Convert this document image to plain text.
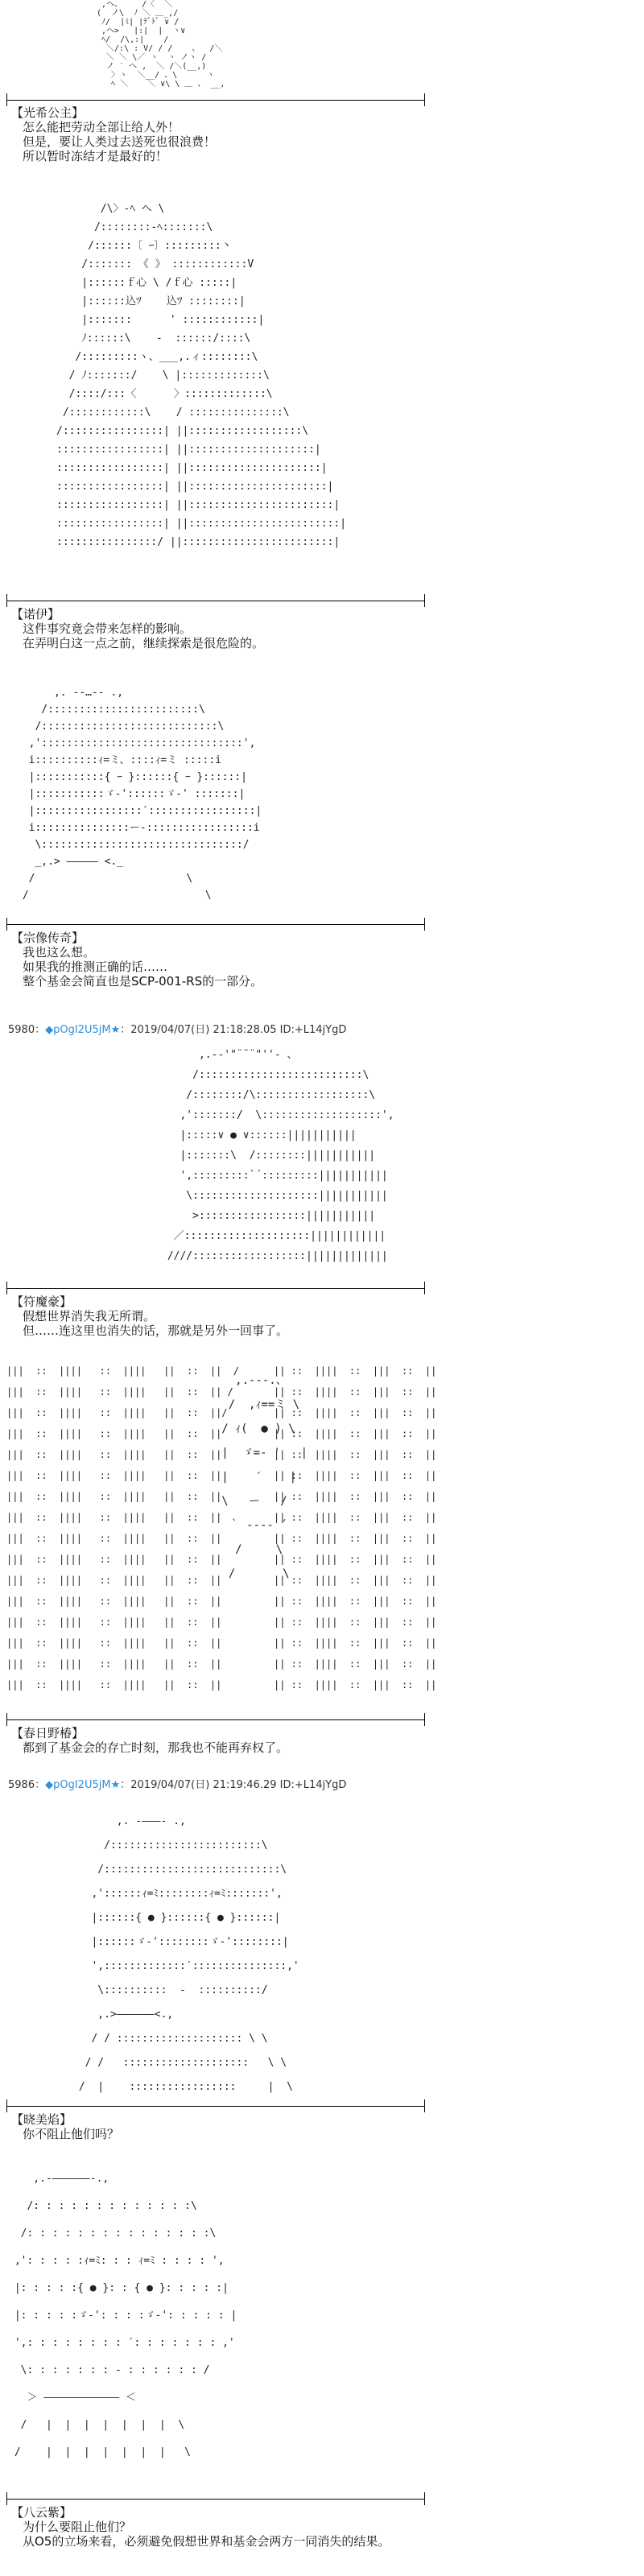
,ヘ、    /〈  ＼
(  ノ\  ﾉ ＼ ＿_,/
ﾉ/  |ﾐ| |ﾃﾞﾄﾞ ∨ /
,ヘ>   |:|  |  ヽ∨
ﾍ/  /\,:|    /
＼/:\ : V/ / /    、  /＼
＼ ＼ \／ ヽ  ヽ ノヽ /
ノ ′ へ ,  ＼ /＼(__,)
〉ヽ  ＼__/ 、\      ヽ
ﾍ ＼    ＼ ∨\ \ ＿ 、 __,

【光希公主】
怎么能把劳动全部让给人外！
但是，要让人类过去送死也很浪费！
所以暂时冻结才是最好的！
/\〉-ﾍ へ \
/::::::::-ﾍ:::::::\
/::::::〔 ｰ〕:::::::::丶
/::::::: 《 》 ::::::::::::V
|::::::ｆ心 \ /ｆ心 :::::|
|::::::込ﾂ    込ﾂ ::::::::|
|:::::::      ' ::::::::::::|
ﾉ::::::\    ‐  ::::::/::::\
/:::::::::ヽ、___,.ィ::::::::\
/ ﾉ:::::::/    \ |:::::::::::::\
/::::/:::〈      〉:::::::::::::\
/::::::::::::\    / :::::::::::::::\
/::::::::::::::::| ||::::::::::::::::::\
:::::::::::::::::| ||::::::::::::::::::::|
:::::::::::::::::| ||:::::::::::::::::::::|
:::::::::::::::::| ||::::::::::::::::::::::|
:::::::::::::::::| ||:::::::::::::::::::::::|
:::::::::::::::::| ||::::::::::::::::::::::::|
::::::::::::::::/ ||::::::::::::::::::::::::|

【诺伊】
这件事究竟会带来怎样的影响。
在弄明白这一点之前，继续探索是很危险的。
,. -‐…‐- .,
/::::::::::::::::::::::::\
/::::::::::::::::::::::::::::\
,'::::::::::::::::::::::::::::::::',
i::::::::::ｨ=ミ、::::ｨ=ミ :::::i
|:::::::::::{ ｰ }::::::{ ｰ }::::::|
|:::::::::::ゞ-'::::::ゞ-' :::::::|
|:::::::::::::::::′:::::::::::::::::|
i:::::::::::::::ー-:::::::::::::::::i
\::::::::::::::::::::::::::::::::/
_,.> ――――― <._
/                        \
/                            \

【宗像传奇】
我也这么想。
如果我的推测正确的话……
整个基金会简直也是SCP-001-RS的一部分。
5980：◆pOgI2U5jM★：2019/04/07(日) 21:18:28.05 ID:+L14jYgD
,.-‐'"¨¨¨"''‐ 、
/::::::::::::::::::::::::::\
/::::::::/\::::::::::::::::::\
,':::::::/  \:::::::::::::::::::',
|:::::∨ ● ∨::::::|||||||||||
|:::::::\  /::::::::|||||||||||
',:::::::::`´:::::::::|||||||||||
\::::::::::::::::::::|||||||||||
>:::::::::::::::::|||||||||||
／::::::::::::::::::::||||||||||||
////::::::::::::::::::|||||||||||||

【符魔豪】
假想世界消失我无所谓。
但……连这里也消失的话，那就是另外一回事了。
|||  ::  ||||   ::  ||||   ||  ::  ||  /
|||  ::  ||||   ::  ||||   ||  ::  || /
|||  ::  ||||   ::  ||||   ||  ::  ||/
|||  ::  ||||   ::  ||||   ||  ::  ||
|||  ::  ||||   ::  ||||   ||  ::  ||
|||  ::  ||||   ::  ||||   ||  ::  ||
|||  ::  ||||   ::  ||||   ||  ::  ||
|||  ::  ||||   ::  ||||   ||  ::  ||
|||  ::  ||||   ::  ||||   ||  ::  ||
|||  ::  ||||   ::  ||||   ||  ::  ||
|||  ::  ||||   ::  ||||   ||  ::  ||
|||  ::  ||||   ::  ||||   ||  ::  ||
|||  ::  ||||   ::  ||||   ||  ::  ||
|||  ::  ||||   ::  ||||   ||  ::  ||
|||  ::  ||||   ::  ||||   ||  ::  ||
|||  ::  ||||   ::  ||||   ||  ::  ||

,.-‐-.、
/  ,ｨ==ミ \
/ ｨ(  ● ) \
|  ゞ=- '   |
|    ′    |
\   ー   /
｀ ‐--‐ ´
/     \
/       \

|| ::  ||||  ::  |||  ::  ||
|| ::  ||||  ::  |||  ::  ||
|| ::  ||||  ::  |||  ::  ||
|| ::  ||||  ::  |||  ::  ||
|| ::  ||||  ::  |||  ::  ||
|| ::  ||||  ::  |||  ::  ||
|| ::  ||||  ::  |||  ::  ||
|| ::  ||||  ::  |||  ::  ||
|| ::  ||||  ::  |||  ::  ||
|| ::  ||||  ::  |||  ::  ||
|| ::  ||||  ::  |||  ::  ||
|| ::  ||||  ::  |||  ::  ||
|| ::  ||||  ::  |||  ::  ||
|| ::  ||||  ::  |||  ::  ||
|| ::  ||||  ::  |||  ::  ||
|| ::  ||||  ::  |||  ::  ||

【春日野椿】
都到了基金会的存亡时刻，那我也不能再弃权了。
5986：◆pOgI2U5jM★：2019/04/07(日) 21:19:46.29 ID:+L14jYgD
,. -―――- .,
/::::::::::::::::::::::::\
/::::::::::::::::::::::::::::\
,'::::::ｨ=ﾐ::::::::ｨ=ﾐ:::::::',
|::::::{ ● }::::::{ ● }::::::|
|::::::ゞ-'::::::::ゞ-'::::::::|
',:::::::::::::′:::::::::::::::,'
\::::::::::  ‐  ::::::::::/
,.>――――――<.,
/ / :::::::::::::::::::: \ \
/ /   ::::::::::::::::::::   \ \
/  |    :::::::::::::::::     |  \

【晓美焰】
你不阻止他们吗？
,.-――――――-.,
/: : : : : : : : : : : : :\
/: : : : : : : : : : : : : : :\
,': : : : :ｨ=ﾐ: : : ｨ=ﾐ : : : : ',
|: : : : :{ ● }: : { ● }: : : : :|
|: : : : :ゞ-': : : :ゞ-': : : : : |
',: : : : : : : : ′: : : : : : : ,'
\: : : : : : : ‐ : : : : : : /
＞ ―――――――――――― ＜
/   |  |  |  |  |  |  |  \
/    |  |  |  |  |  |  |   \

【八云紫】
为什么要阻止他们？
从O5的立场来看，必须避免假想世界和基金会两方一同消失的结果。
